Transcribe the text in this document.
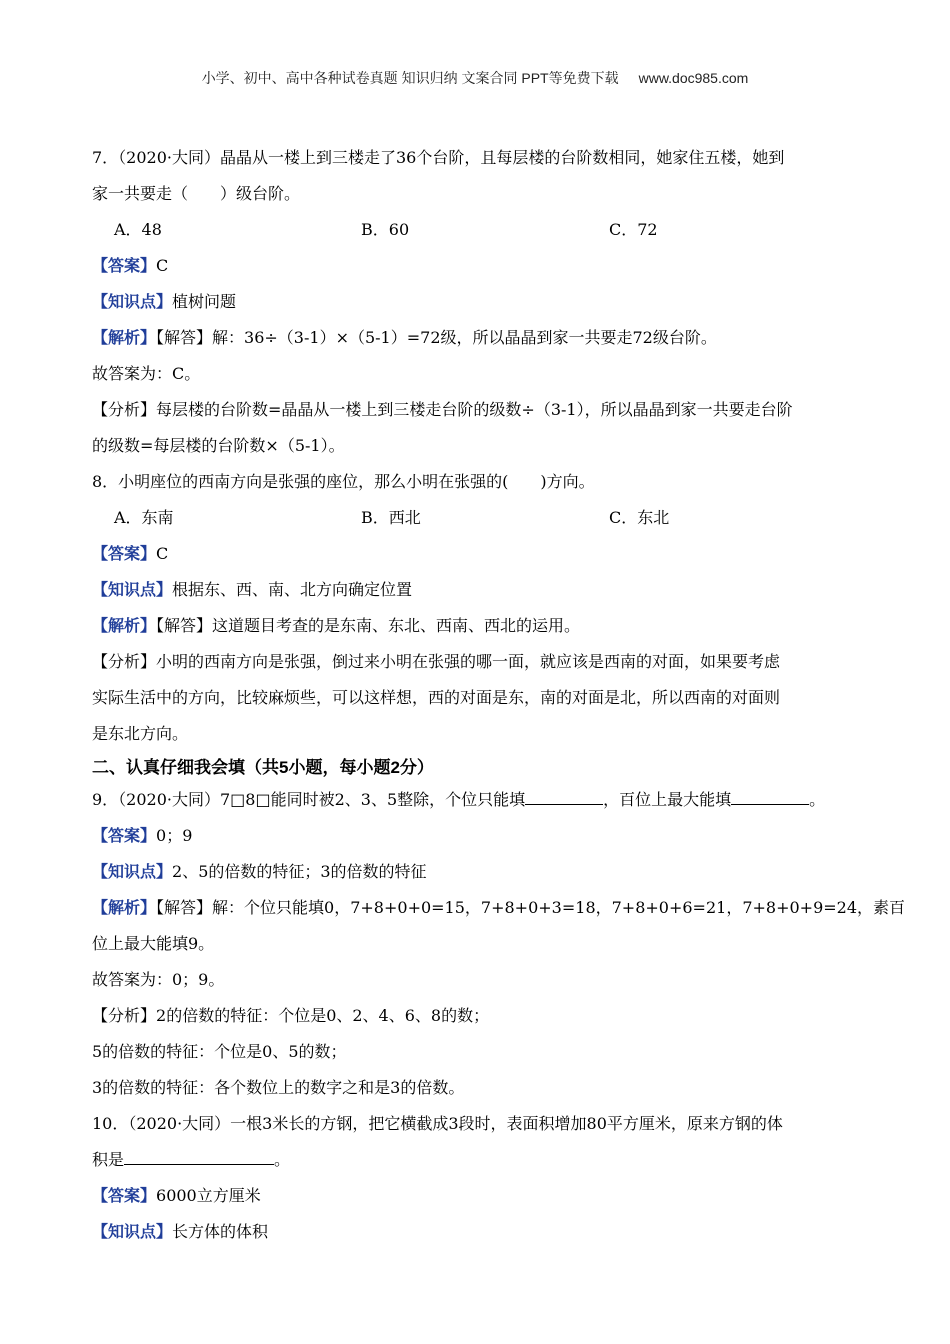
小学、初中、高中各种试卷真题 知识归纳 文案合同 PPT等免费下载 www.doc985.com
7．（2020·大同）晶晶从一楼上到三楼走了36个台阶，且每层楼的台阶数相同，她家住五楼，她到
家一共要走（　　）级台阶。
A．48	B．60	C．72
【答案】C
【知识点】植树问题
【解析】【解答】解：36÷（3-1）×（5-1）=72级，所以晶晶到家一共要走72级台阶。
故答案为：C。
【分析】每层楼的台阶数=晶晶从一楼上到三楼走台阶的级数÷（3-1），所以晶晶到家一共要走台阶
的级数=每层楼的台阶数×（5-1）。
8．小明座位的西南方向是张强的座位，那么小明在张强的(　　)方向。
A．东南	B．西北	C．东北
【答案】C
【知识点】根据东、西、南、北方向确定位置
【解析】【解答】这道题目考查的是东南、东北、西南、西北的运用。
【分析】小明的西南方向是张强，倒过来小明在张强的哪一面，就应该是西南的对面，如果要考虑
实际生活中的方向，比较麻烦些，可以这样想，西的对面是东，南的对面是北，所以西南的对面则
是东北方向。
二、认真仔细我会填（共5小题，每小题2分）
9．（2020·大同）7□8□能同时被2、3、5整除，个位只能填	，百位上最大能填	。
【答案】0；9
【知识点】2、5的倍数的特征；3的倍数的特征
【解析】【解答】解：个位只能填0，7+8+0+0=15，7+8+0+3=18，7+8+0+6=21，7+8+0+9=24，素百
位上最大能填9。
故答案为：0；9。
【分析】2的倍数的特征：个位是0、2、4、6、8的数；
5的倍数的特征：个位是0、5的数；
3的倍数的特征：各个数位上的数字之和是3的倍数。
10．（2020·大同）一根3米长的方钢，把它横截成3段时，表面积增加80平方厘米，原来方钢的体
积是	。
【答案】6000立方厘米
【知识点】长方体的体积
